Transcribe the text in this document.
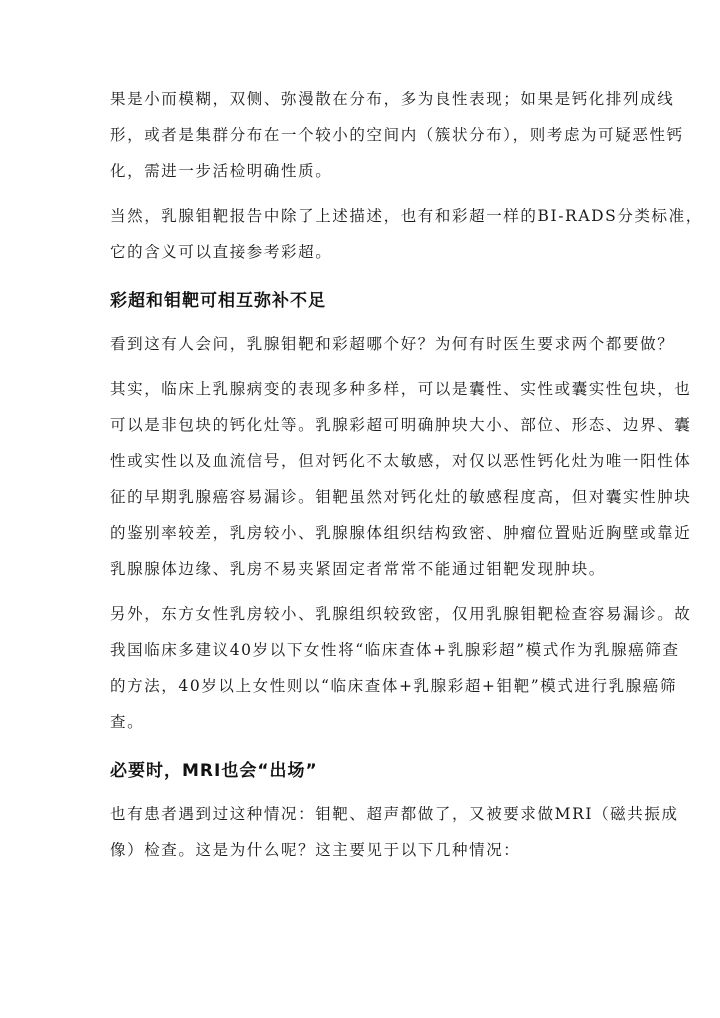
果是小而模糊，双侧、弥漫散在分布，多为良性表现；如果是钙化排列成线
形，或者是集群分布在一个较小的空间内（簇状分布），则考虑为可疑恶性钙
化，需进一步活检明确性质。
当然，乳腺钼靶报告中除了上述描述，也有和彩超一样的BI-RADS分类标准，
它的含义可以直接参考彩超。
彩超和钼靶可相互弥补不足
看到这有人会问，乳腺钼靶和彩超哪个好？为何有时医生要求两个都要做？
其实，临床上乳腺病变的表现多种多样，可以是囊性、实性或囊实性包块，也
可以是非包块的钙化灶等。乳腺彩超可明确肿块大小、部位、形态、边界、囊
性或实性以及血流信号，但对钙化不太敏感，对仅以恶性钙化灶为唯一阳性体
征的早期乳腺癌容易漏诊。钼靶虽然对钙化灶的敏感程度高，但对囊实性肿块
的鉴别率较差，乳房较小、乳腺腺体组织结构致密、肿瘤位置贴近胸壁或靠近
乳腺腺体边缘、乳房不易夹紧固定者常常不能通过钼靶发现肿块。
另外，东方女性乳房较小、乳腺组织较致密，仅用乳腺钼靶检查容易漏诊。故
我国临床多建议40岁以下女性将“临床查体+乳腺彩超”模式作为乳腺癌筛查
的方法，40岁以上女性则以“临床查体+乳腺彩超+钼靶”模式进行乳腺癌筛
查。
必要时，MRI也会“出场”
也有患者遇到过这种情况：钼靶、超声都做了，又被要求做MRI（磁共振成
像）检查。这是为什么呢？这主要见于以下几种情况：
